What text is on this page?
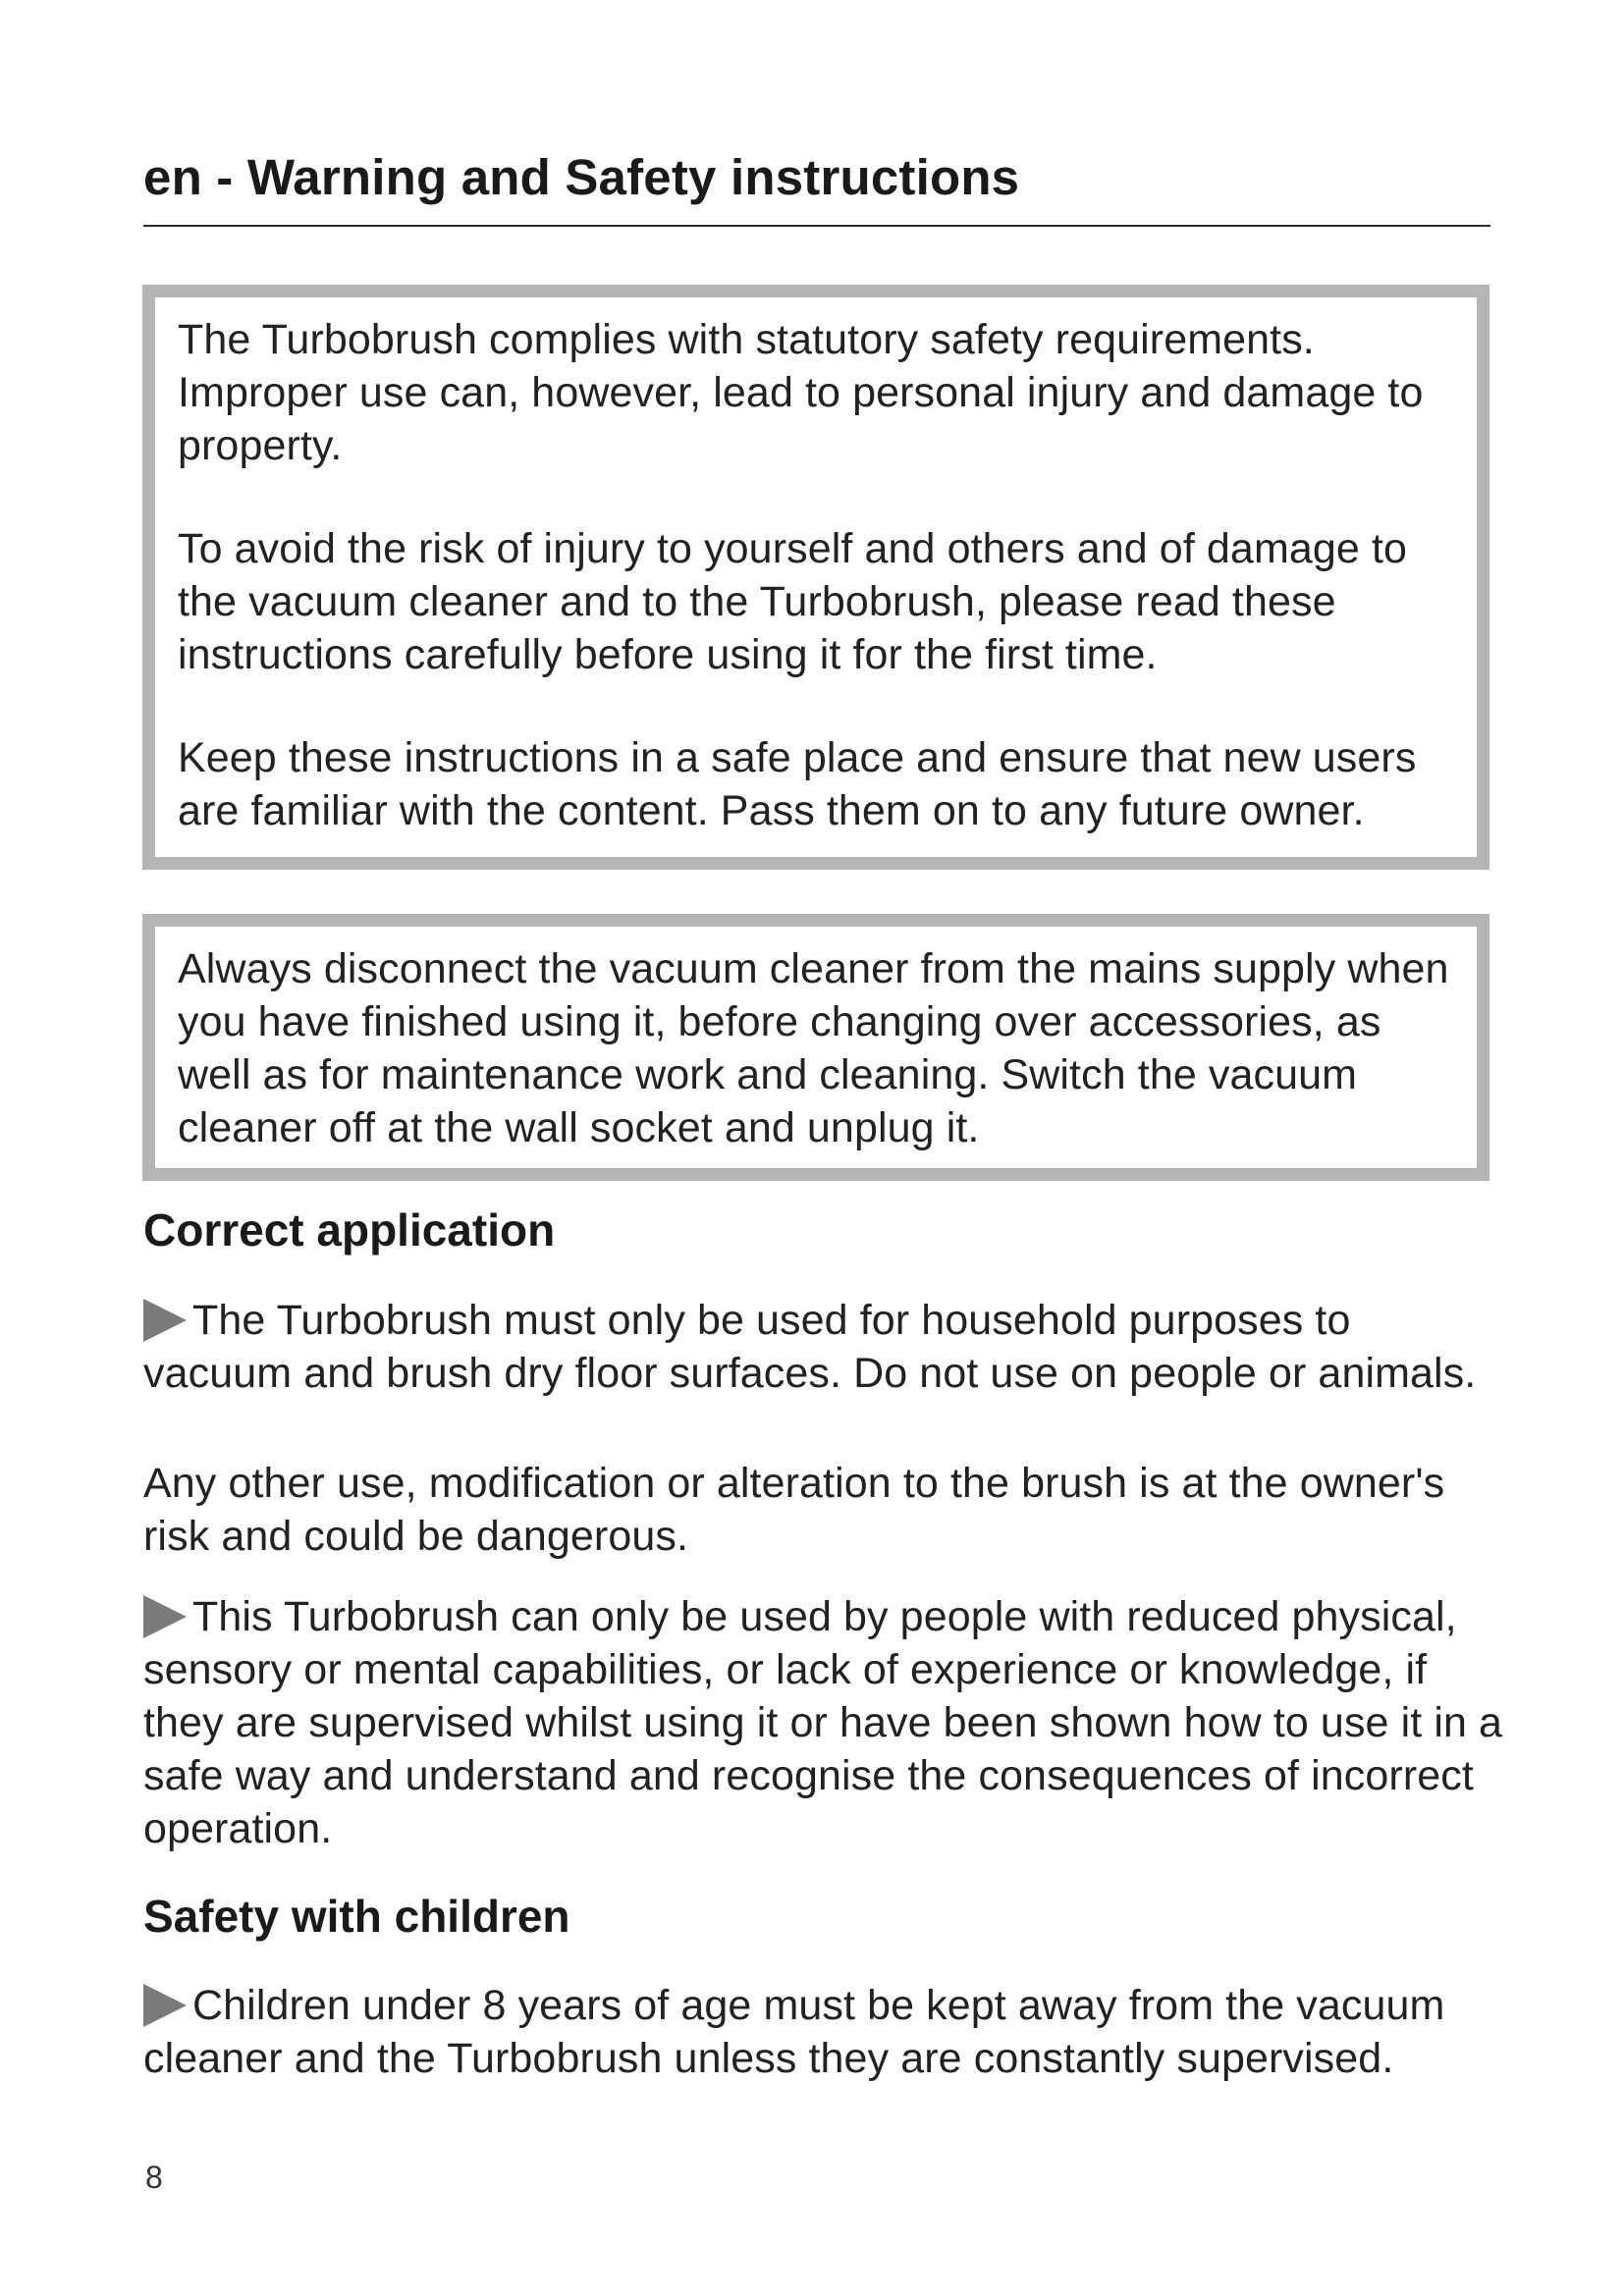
en - Warning and Safety instructions

The Turbobrush complies with statutory safety requirements. Improper use can, however, lead to personal injury and damage to property.

To avoid the risk of injury to yourself and others and of damage to the vacuum cleaner and to the Turbobrush, please read these instructions carefully before using it for the first time.

Keep these instructions in a safe place and ensure that new users are familiar with the content. Pass them on to any future owner.

Always disconnect the vacuum cleaner from the mains supply when you have finished using it, before changing over accessories, as well as for maintenance work and cleaning. Switch the vacuum cleaner off at the wall socket and unplug it.

Correct application

The Turbobrush must only be used for household purposes to vacuum and brush dry floor surfaces. Do not use on people or animals.

Any other use, modification or alteration to the brush is at the owner's risk and could be dangerous.

This Turbobrush can only be used by people with reduced physical, sensory or mental capabilities, or lack of experience or knowledge, if they are supervised whilst using it or have been shown how to use it in a safe way and understand and recognise the consequences of incorrect operation.

Safety with children

Children under 8 years of age must be kept away from the vacuum cleaner and the Turbobrush unless they are constantly supervised.

8
